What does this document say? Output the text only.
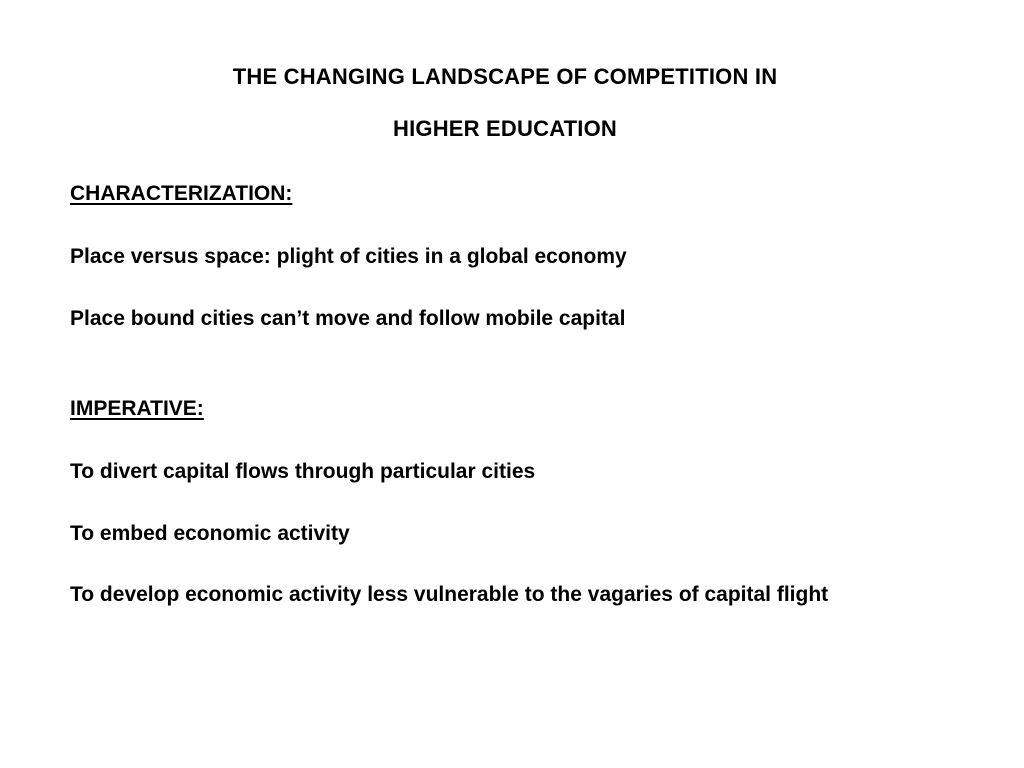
THE CHANGING LANDSCAPE OF COMPETITION IN
HIGHER EDUCATION
CHARACTERIZATION:
Place versus space: plight of cities in a global economy
Place bound cities can’t move and follow mobile capital
IMPERATIVE:
To divert capital flows through particular cities
To embed economic activity
To develop economic activity less vulnerable to the vagaries of capital flight
